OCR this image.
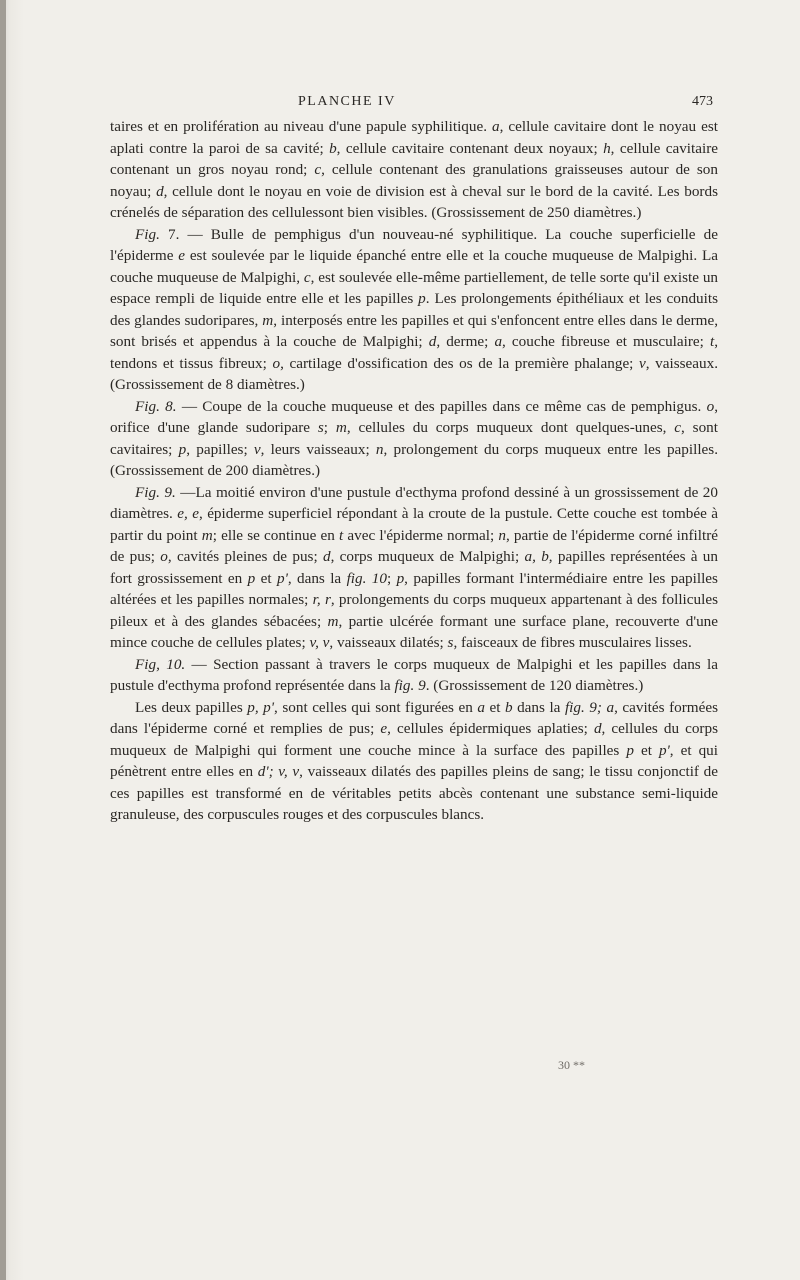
PLANCHE IV	473

taires et en prolifération au niveau d'une papule syphilitique. a, cellule cavitaire dont le noyau est aplati contre la paroi de sa cavité; b, cellule cavitaire contenant deux noyaux; h, cellule cavitaire contenant un gros noyau rond; c, cellule contenant des granulations graisseuses autour de son noyau; d, cellule dont le noyau en voie de division est à cheval sur le bord de la cavité. Les bords crénelés de séparation des cellulessont bien visibles. (Grossissement de 250 diamètres.)

Fig. 7. — Bulle de pemphigus d'un nouveau-né syphilitique. La couche superficielle de l'épiderme e est soulevée par le liquide épanché entre elle et la couche muqueuse de Malpighi. La couche muqueuse de Malpighi, c, est soulevée elle-même partiellement, de telle sorte qu'il existe un espace rempli de liquide entre elle et les papilles p. Les prolongements épithéliaux et les conduits des glandes sudoripares, m, interposés entre les papilles et qui s'enfoncent entre elles dans le derme, sont brisés et appendus à la couche de Malpighi; d, derme; a, couche fibreuse et musculaire; t, tendons et tissus fibreux; o, cartilage d'ossification des os de la première phalange; v, vaisseaux. (Grossissement de 8 diamètres.)

Fig. 8. — Coupe de la couche muqueuse et des papilles dans ce même cas de pemphigus. o, orifice d'une glande sudoripare s; m, cellules du corps muqueux dont quelques-unes, c, sont cavitaires; p, papilles; v, leurs vaisseaux; n, prolongement du corps muqueux entre les papilles. (Grossissement de 200 diamètres.)

Fig. 9. —La moitié environ d'une pustule d'ecthyma profond dessiné à un grossissement de 20 diamètres. e, e, épiderme superficiel répondant à la croute de la pustule. Cette couche est tombée à partir du point m; elle se continue en t avec l'épiderme normal; n, partie de l'épiderme corné infiltré de pus; o, cavités pleines de pus; d, corps muqueux de Malpighi; a, b, papilles représentées à un fort grossissement en p et p', dans la fig. 10; p, papilles formant l'intermédiaire entre les papilles altérées et les papilles normales; r, r, prolongements du corps muqueux appartenant à des follicules pileux et à des glandes sébacées; m, partie ulcérée formant une surface plane, recouverte d'une mince couche de cellules plates; v, v, vaisseaux dilatés; s, faisceaux de fibres musculaires lisses.

Fig, 10. — Section passant à travers le corps muqueux de Malpighi et les papilles dans la pustule d'ecthyma profond représentée dans la fig. 9. (Grossissement de 120 diamètres.)

Les deux papilles p, p', sont celles qui sont figurées en a et b dans la fig. 9; a, cavités formées dans l'épiderme corné et remplies de pus; e, cellules épidermiques aplaties; d, cellules du corps muqueux de Malpighi qui forment une couche mince à la surface des papilles p et p', et qui pénètrent entre elles en d'; v, v, vaisseaux dilatés des papilles pleins de sang; le tissu conjonctif de ces papilles est transformé en de véritables petits abcès contenant une substance semi-liquide granuleuse, des corpuscules rouges et des corpuscules blancs.

30 **
